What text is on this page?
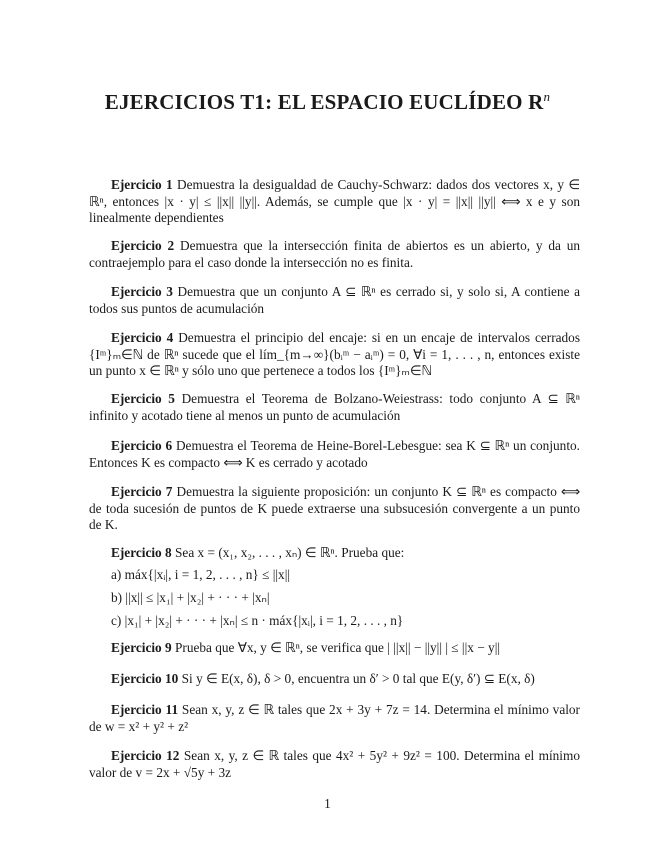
EJERCICIOS T1: EL ESPACIO EUCLÍDEO $R^n$

Ejercicio 1 Demuestra la desigualdad de Cauchy-Schwarz: dados dos vectores x, y ∈ ℝⁿ, entonces |x · y| ≤ ||x|| ||y||. Además, se cumple que |x · y| = ||x|| ||y|| ⟺ x e y son linealmente dependientes

Ejercicio 2 Demuestra que la intersección finita de abiertos es un abierto, y da un contraejemplo para el caso donde la intersección no es finita.

Ejercicio 3 Demuestra que un conjunto A ⊆ ℝⁿ es cerrado si, y solo si, A contiene a todos sus puntos de acumulación

Ejercicio 4 Demuestra el principio del encaje: si en un encaje de intervalos cerrados {Iᵐ}ₘ∈ℕ de ℝⁿ sucede que el lím_{m→∞}(bᵢᵐ − aᵢᵐ) = 0, ∀i = 1, . . . , n, entonces existe un punto x ∈ ℝⁿ y sólo uno que pertenece a todos los {Iᵐ}ₘ∈ℕ

Ejercicio 5 Demuestra el Teorema de Bolzano-Weiestrass: todo conjunto A ⊆ ℝⁿ infinito y acotado tiene al menos un punto de acumulación

Ejercicio 6 Demuestra el Teorema de Heine-Borel-Lebesgue: sea K ⊆ ℝⁿ un conjunto. Entonces K es compacto ⟺ K es cerrado y acotado

Ejercicio 7 Demuestra la siguiente proposición: un conjunto K ⊆ ℝⁿ es compacto ⟺ de toda sucesión de puntos de K puede extraerse una subsucesión convergente a un punto de K.

Ejercicio 8 Sea x = (x₁, x₂, . . . , xₙ) ∈ ℝⁿ. Prueba que:

a) máx{|xᵢ|, i = 1, 2, . . . , n} ≤ ||x||

b) ||x|| ≤ |x₁| + |x₂| + · · · + |xₙ|

c) |x₁| + |x₂| + · · · + |xₙ| ≤ n · máx{|xᵢ|, i = 1, 2, . . . , n}

Ejercicio 9 Prueba que ∀x, y ∈ ℝⁿ, se verifica que | ||x|| − ||y|| | ≤ ||x − y||

Ejercicio 10 Si y ∈ E(x, δ), δ > 0, encuentra un δ′ > 0 tal que E(y, δ′) ⊆ E(x, δ)

Ejercicio 11 Sean x, y, z ∈ ℝ tales que 2x + 3y + 7z = 14. Determina el mínimo valor de w = x² + y² + z²

Ejercicio 12 Sean x, y, z ∈ ℝ tales que 4x² + 5y² + 9z² = 100. Determina el mínimo valor de v = 2x + √5y + 3z

1
